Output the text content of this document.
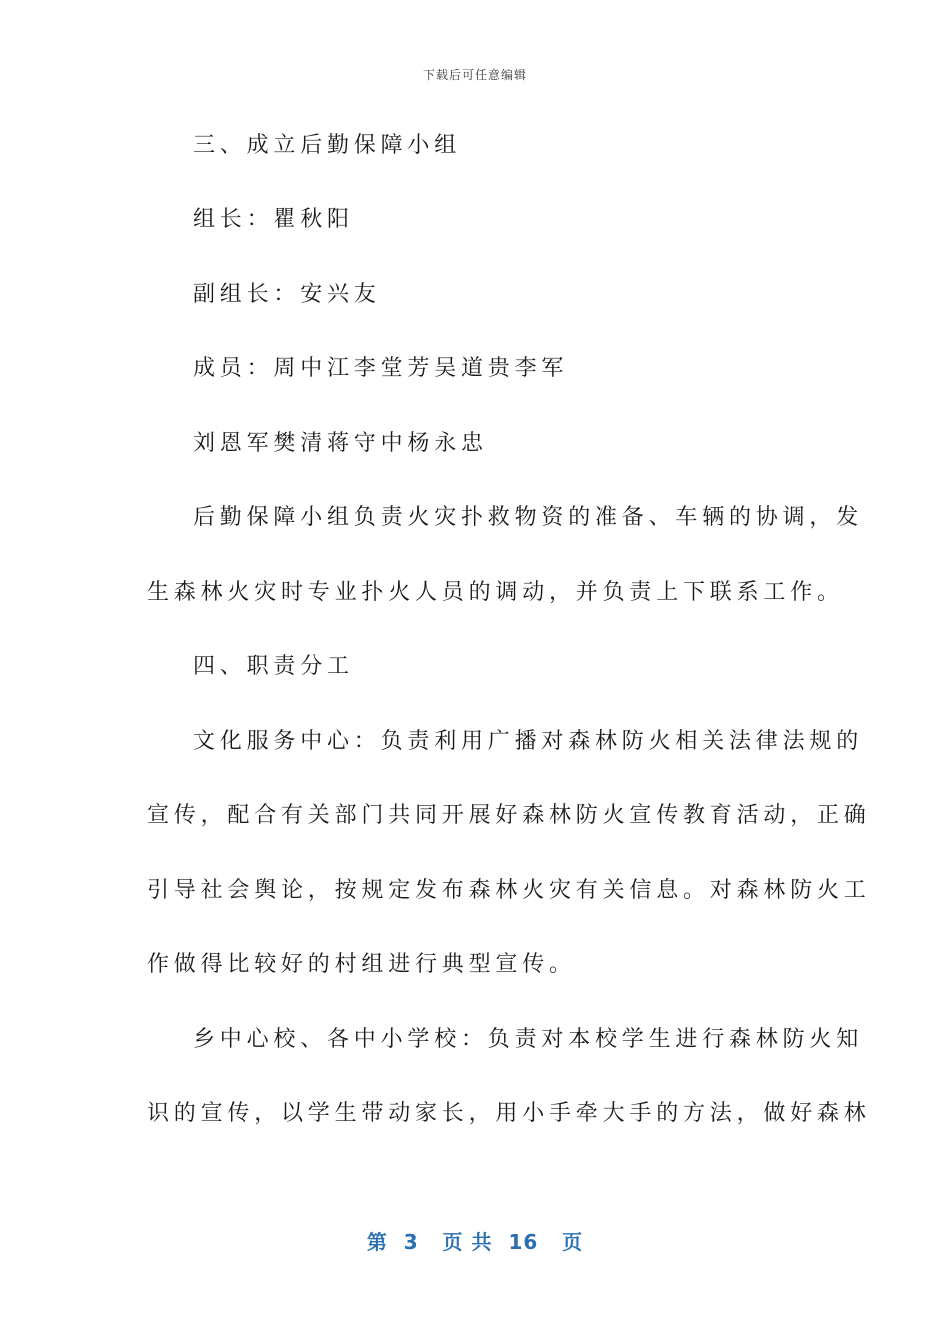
下载后可任意编辑
三、成立后勤保障小组
组长：瞿秋阳
副组长：安兴友
成员：周中江李堂芳吴道贵李军
刘恩军樊清蒋守中杨永忠
后勤保障小组负责火灾扑救物资的准备、车辆的协调，发
生森林火灾时专业扑火人员的调动，并负责上下联系工作。
四、职责分工
文化服务中心：负责利用广播对森林防火相关法律法规的
宣传，配合有关部门共同开展好森林防火宣传教育活动，正确
引导社会舆论，按规定发布森林火灾有关信息。对森林防火工
作做得比较好的村组进行典型宣传。
乡中心校、各中小学校：负责对本校学生进行森林防火知
识的宣传，以学生带动家长，用小手牵大手的方法，做好森林
第  3   页 共  16   页
